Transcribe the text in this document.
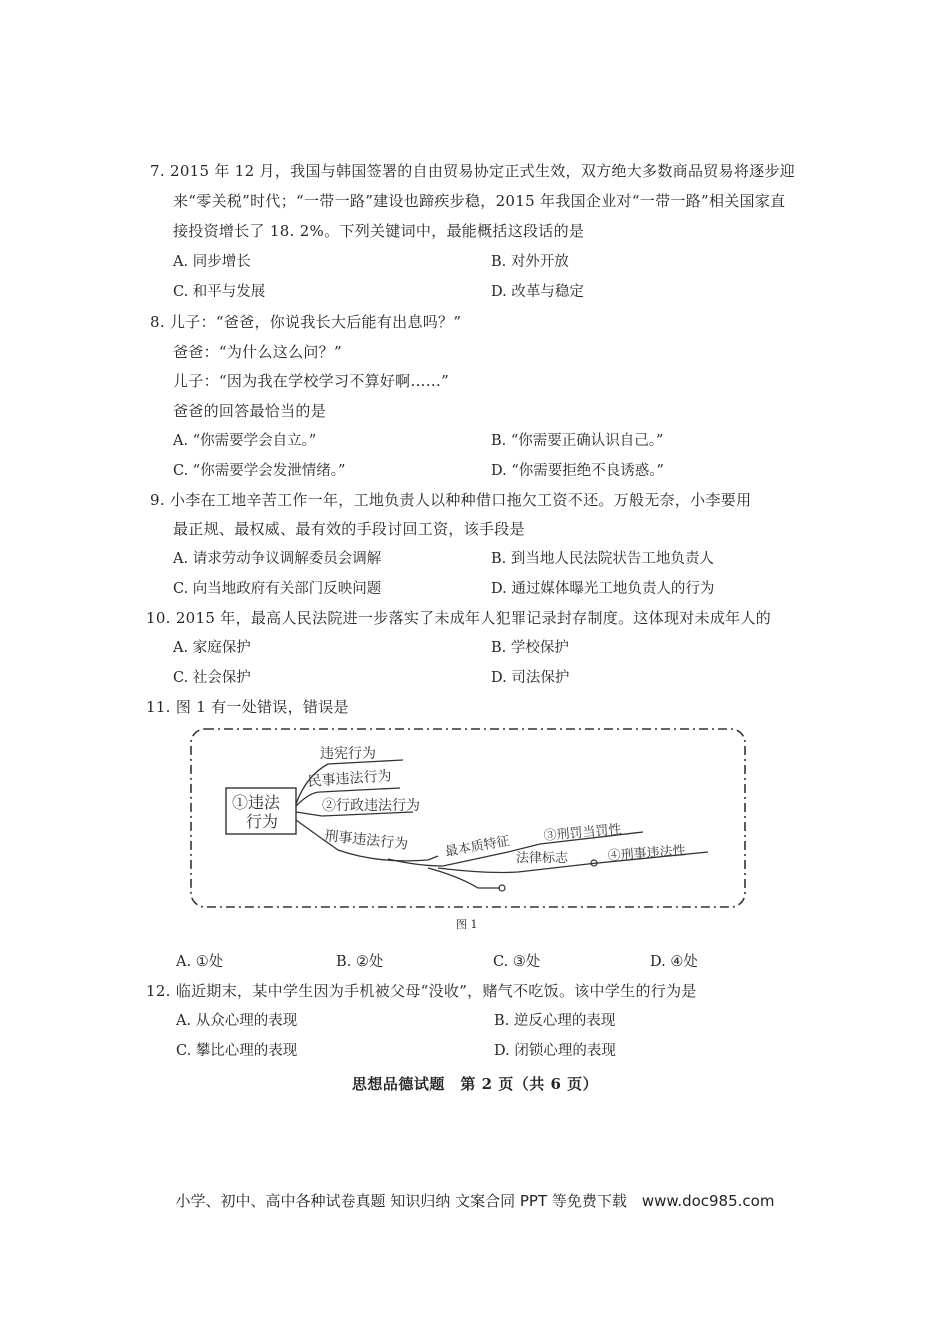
7. 2015 年 12 月，我国与韩国签署的自由贸易协定正式生效，双方绝大多数商品贸易将逐步迎
来“零关税”时代；“一带一路”建设也蹄疾步稳，2015 年我国企业对“一带一路”相关国家直
接投资增长了 18. 2%。下列关键词中，最能概括这段话的是
A. 同步增长	B. 对外开放
C. 和平与发展	D. 改革与稳定
8. 儿子：“爸爸，你说我长大后能有出息吗？”
爸爸：“为什么这么问？”
儿子：“因为我在学校学习不算好啊……”
爸爸的回答最恰当的是
A. “你需要学会自立。”	B. “你需要正确认识自己。”
C. “你需要学会发泄情绪。”	D. “你需要拒绝不良诱惑。”
9. 小李在工地辛苦工作一年，工地负责人以种种借口拖欠工资不还。万般无奈，小李要用
最正规、最权威、最有效的手段讨回工资，该手段是
A. 请求劳动争议调解委员会调解	B. 到当地人民法院状告工地负责人
C. 向当地政府有关部门反映问题	D. 通过媒体曝光工地负责人的行为
10. 2015 年，最高人民法院进一步落实了未成年人犯罪记录封存制度。这体现对未成年人的
A. 家庭保护	B. 学校保护
C. 社会保护	D. 司法保护
11. 图 1 有一处错误，错误是
①违法
行为
违宪行为
民事违法行为
②行政违法行为
刑事违法行为	最本质特征 法律标志
③刑罚当罚性
④刑事违法性
图 1
A. ①处	B. ②处	C. ③处	D. ④处
12. 临近期末，某中学生因为手机被父母“没收”，赌气不吃饭。该中学生的行为是
A. 从众心理的表现	B. 逆反心理的表现
C. 攀比心理的表现	D. 闭锁心理的表现
思想品德试题　第 2 页（共 6 页）
小学、初中、高中各种试卷真题 知识归纳 文案合同 PPT 等免费下载　www.doc985.com
